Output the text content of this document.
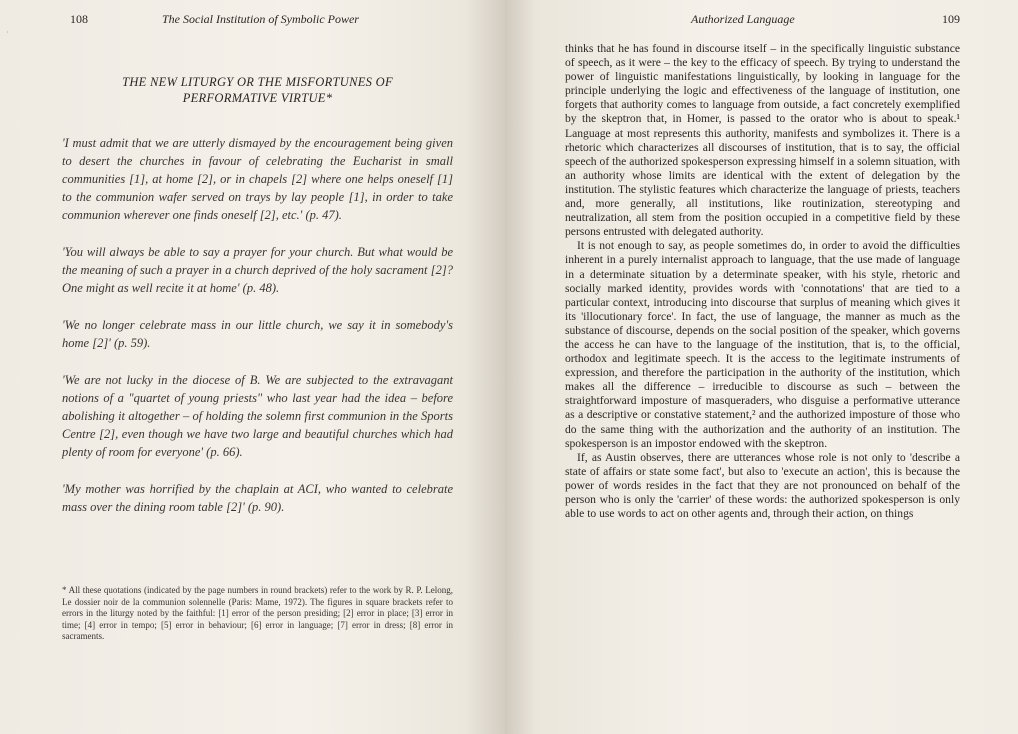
·
108	The Social Institution of Symbolic Power
THE NEW LITURGY OR THE MISFORTUNES OF
PERFORMATIVE VIRTUE*

'I must admit that we are utterly dismayed by the encouragement being given to desert the churches in favour of celebrating the Eucharist in small communities [1], at home [2], or in chapels [2] where one helps oneself [1] to the communion wafer served on trays by lay people [1], in order to take communion wherever one finds oneself [2], etc.' (p. 47).

'You will always be able to say a prayer for your church. But what would be the meaning of such a prayer in a church deprived of the holy sacrament [2]? One might as well recite it at home' (p. 48).

'We no longer celebrate mass in our little church, we say it in somebody's home [2]' (p. 59).

'We are not lucky in the diocese of B. We are subjected to the extravagant notions of a "quartet of young priests" who last year had the idea – before abolishing it altogether – of holding the solemn first communion in the Sports Centre [2], even though we have two large and beautiful churches which had plenty of room for everyone' (p. 66).

'My mother was horrified by the chaplain at ACI, who wanted to celebrate mass over the dining room table [2]' (p. 90).

* All these quotations (indicated by the page numbers in round brackets) refer to the work by R. P. Lelong, Le dossier noir de la communion solennelle (Paris: Mame, 1972). The figures in square brackets refer to errors in the liturgy noted by the faithful: [1] error of the person presiding; [2] error in place; [3] error in time; [4] error in tempo; [5] error in behaviour; [6] error in language; [7] error in dress; [8] error in sacraments.
Authorized Language	109

thinks that he has found in discourse itself – in the specifically linguistic substance of speech, as it were – the key to the efficacy of speech. By trying to understand the power of linguistic manifestations linguistically, by looking in language for the principle underlying the logic and effectiveness of the language of institution, one forgets that authority comes to language from outside, a fact concretely exemplified by the skeptron that, in Homer, is passed to the orator who is about to speak.¹ Language at most represents this authority, manifests and symbolizes it. There is a rhetoric which characterizes all discourses of institution, that is to say, the official speech of the authorized spokesperson expressing himself in a solemn situation, with an authority whose limits are identical with the extent of delegation by the institution. The stylistic features which characterize the language of priests, teachers and, more generally, all institutions, like routinization, stereotyping and neutralization, all stem from the position occupied in a competitive field by these persons entrusted with delegated authority.

It is not enough to say, as people sometimes do, in order to avoid the difficulties inherent in a purely internalist approach to language, that the use made of language in a determinate situation by a determinate speaker, with his style, rhetoric and socially marked identity, provides words with 'connotations' that are tied to a particular context, introducing into discourse that surplus of meaning which gives it its 'illocutionary force'. In fact, the use of language, the manner as much as the substance of discourse, depends on the social position of the speaker, which governs the access he can have to the language of the institution, that is, to the official, orthodox and legitimate speech. It is the access to the legitimate instruments of expression, and therefore the participation in the authority of the institution, which makes all the difference – irreducible to discourse as such – between the straightforward imposture of masqueraders, who disguise a performative utterance as a descriptive or constative statement,² and the authorized imposture of those who do the same thing with the authorization and the authority of an institution. The spokesperson is an impostor endowed with the skeptron.

If, as Austin observes, there are utterances whose role is not only to 'describe a state of affairs or state some fact', but also to 'execute an action', this is because the power of words resides in the fact that they are not pronounced on behalf of the person who is only the 'carrier' of these words: the authorized spokesperson is only able to use words to act on other agents and, through their action, on things
